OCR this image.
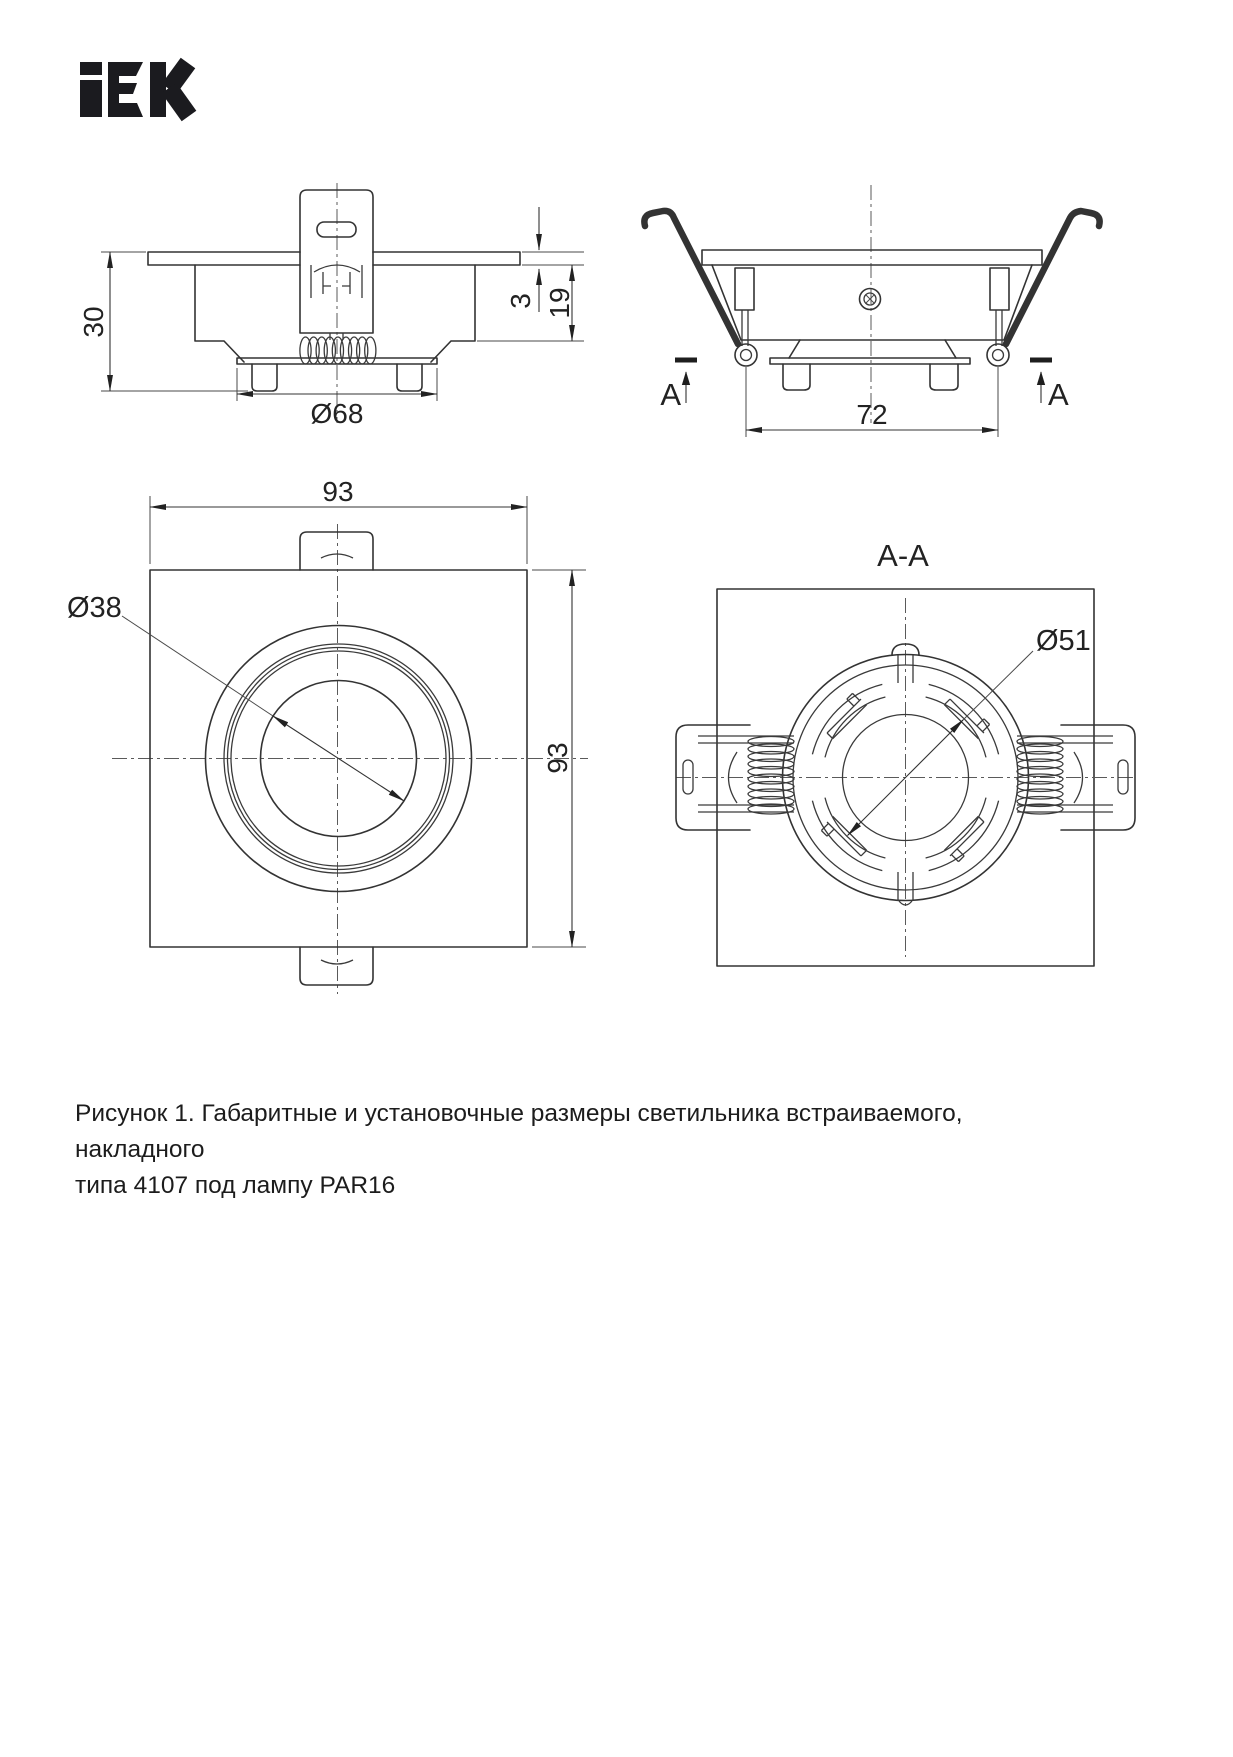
30
3 19
Ø68
A	A
72
Ø38
93
93
A-A
Ø51
Рисунок 1. Габаритные и установочные размеры светильника встраиваемого, накладного
типа 4107 под лампу PAR16
